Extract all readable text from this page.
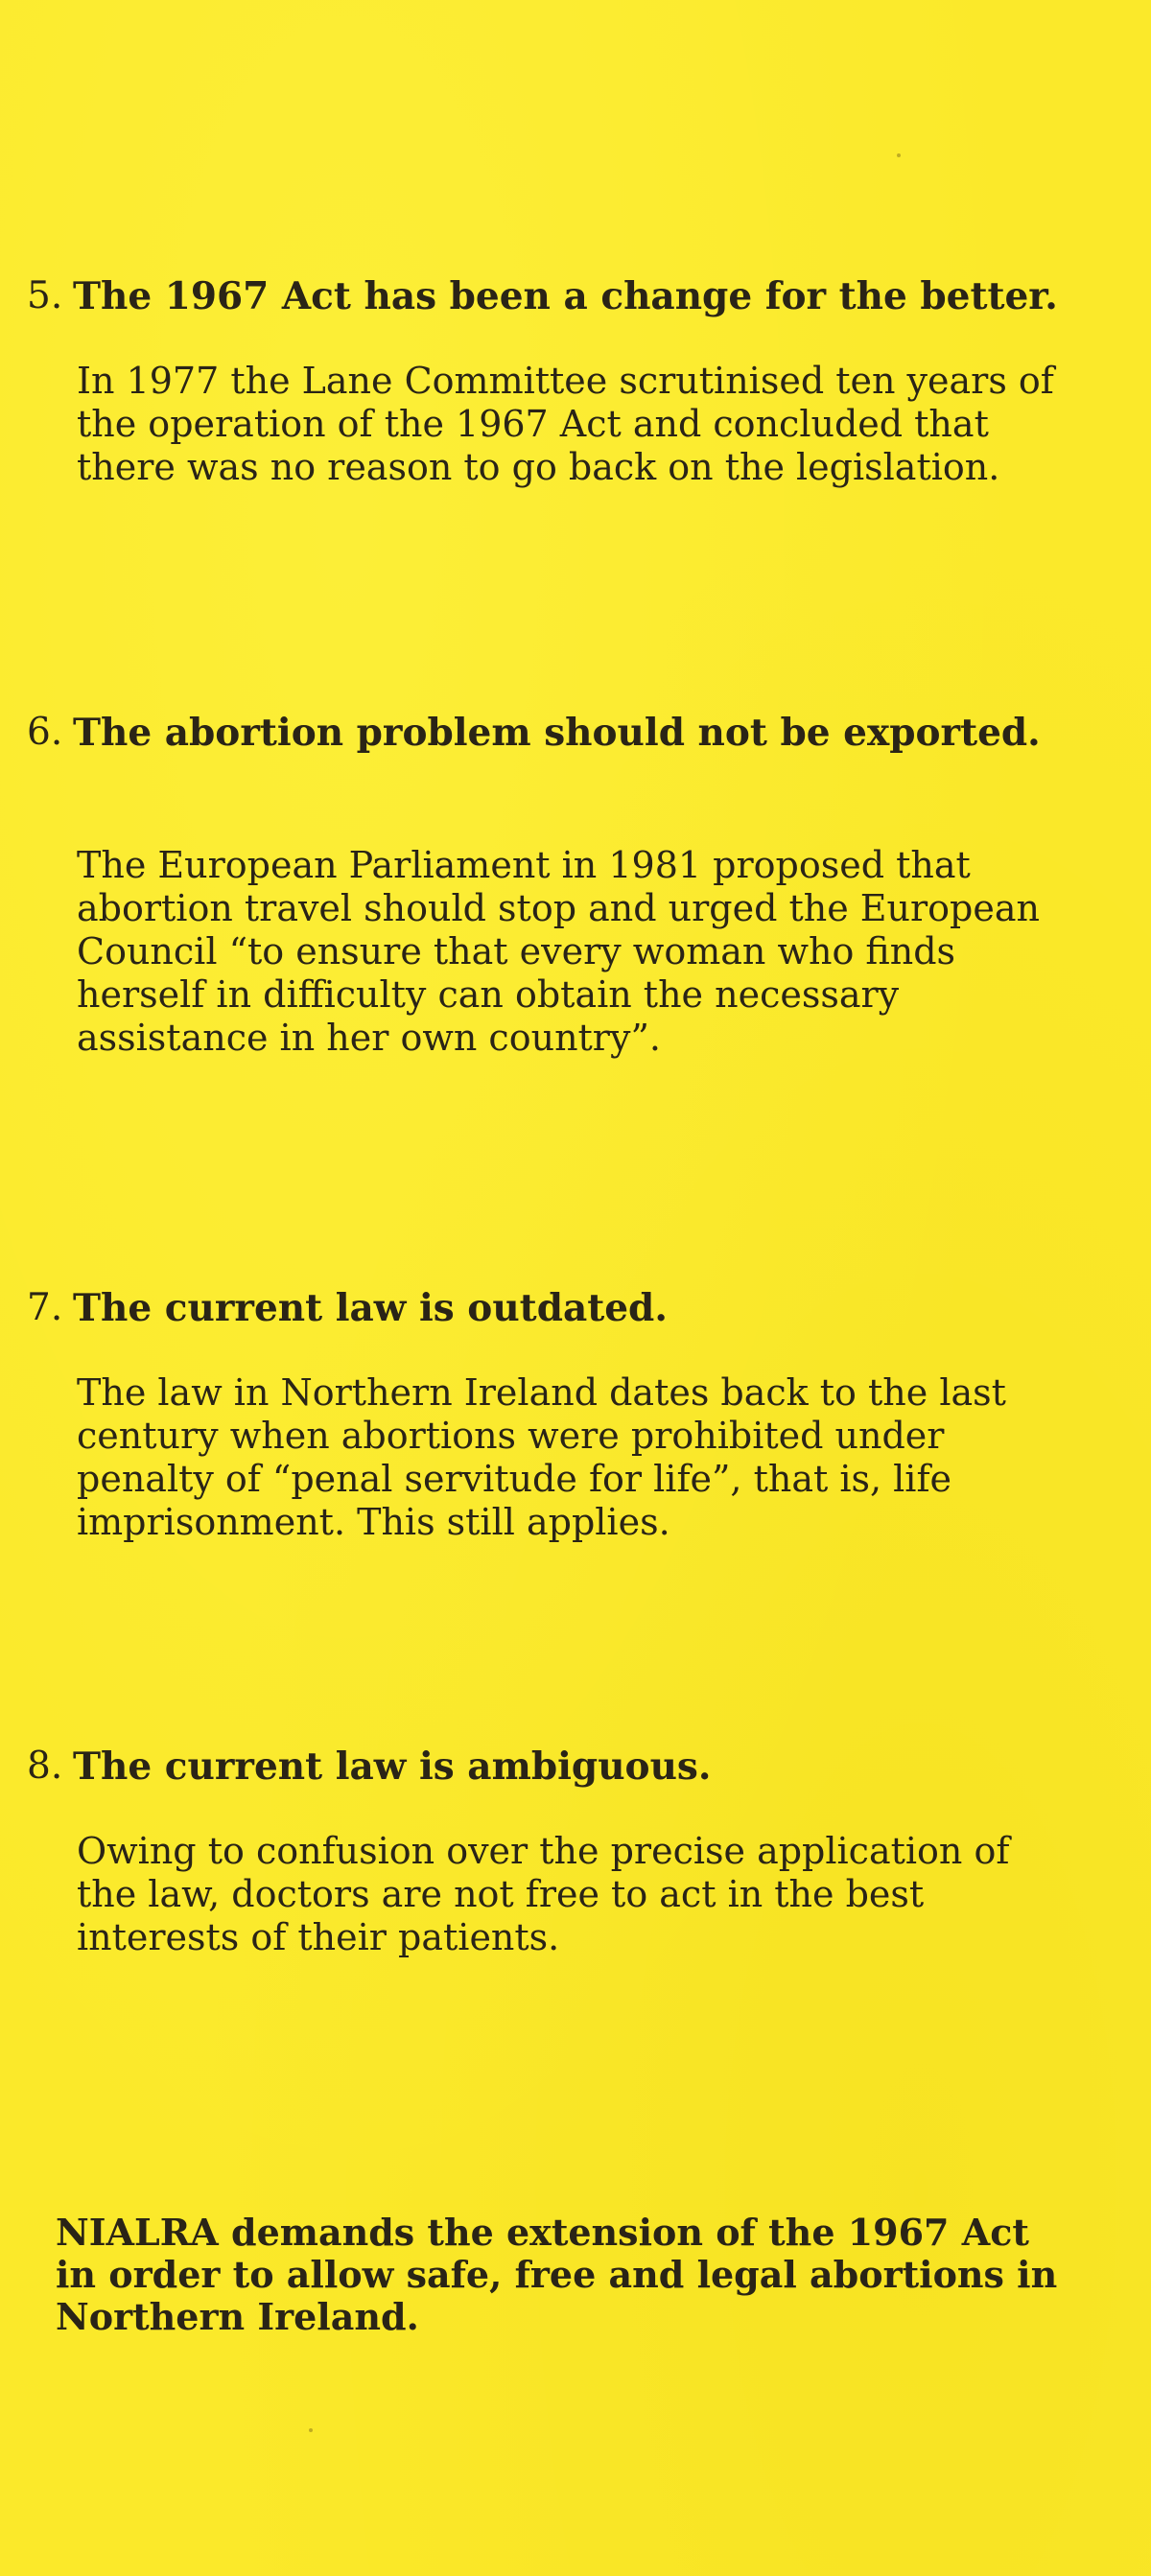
5. The 1967 Act has been a change for the better.

In 1977 the Lane Committee scrutinised ten years of the operation of the 1967 Act and concluded that there was no reason to go back on the legislation.

6. The abortion problem should not be exported.

The European Parliament in 1981 proposed that abortion travel should stop and urged the European Council “to ensure that every woman who finds herself in difficulty can obtain the necessary assistance in her own country”.

7. The current law is outdated.

The law in Northern Ireland dates back to the last century when abortions were prohibited under penalty of “penal servitude for life”, that is, life imprisonment. This still applies.

8. The current law is ambiguous.

Owing to confusion over the precise application of the law, doctors are not free to act in the best interests of their patients.

NIALRA demands the extension of the 1967 Act in order to allow safe, free and legal abortions in Northern Ireland.
